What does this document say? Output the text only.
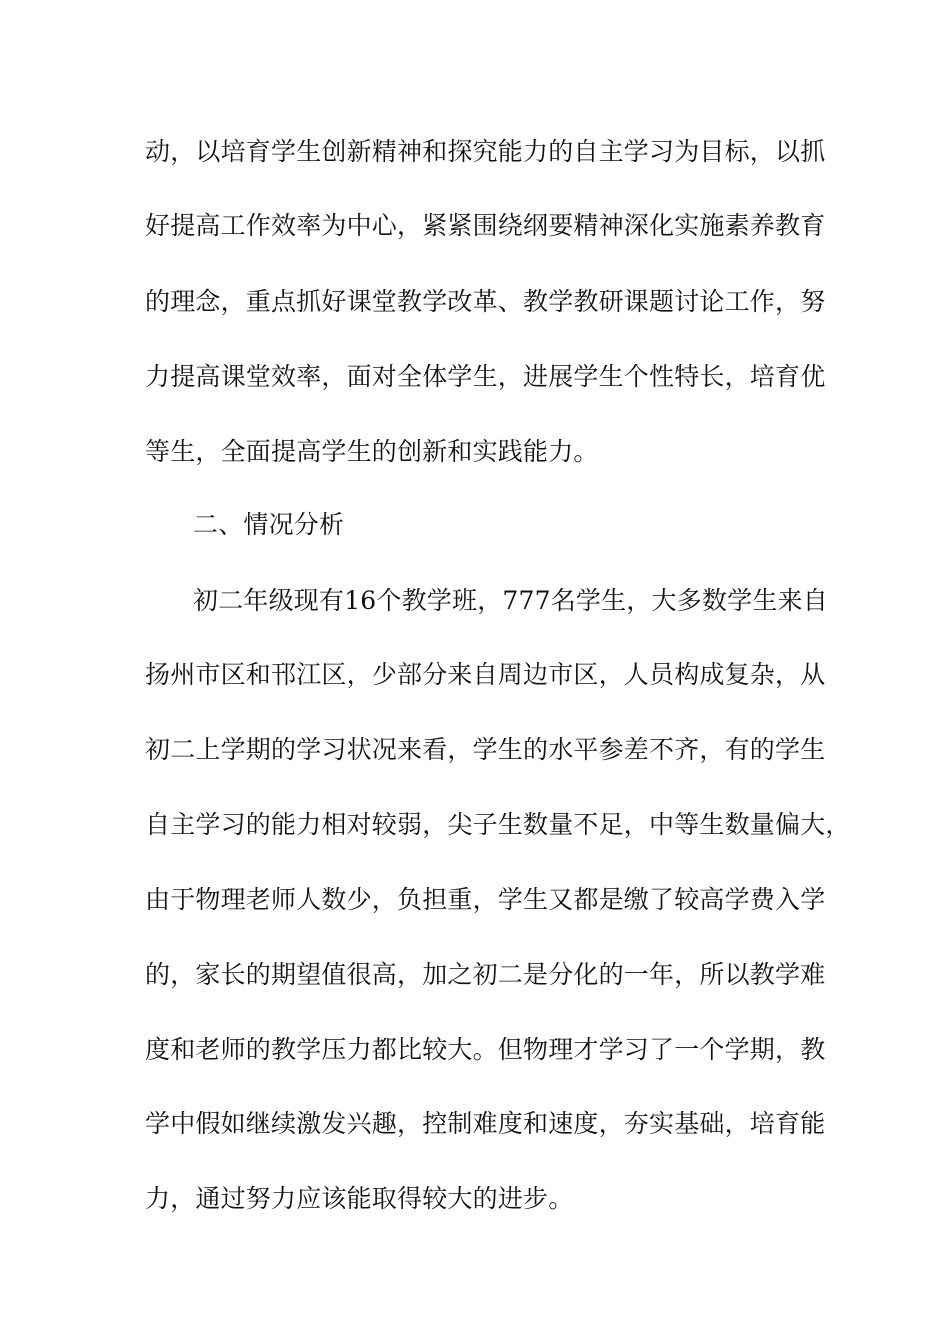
动，以培育学生创新精神和探究能力的自主学习为目标，以抓
好提高工作效率为中心，紧紧围绕纲要精神深化实施素养教育
的理念，重点抓好课堂教学改革、教学教研课题讨论工作，努
力提高课堂效率，面对全体学生，进展学生个性特长，培育优
等生，全面提高学生的创新和实践能力。
二、情况分析
初二年级现有16个教学班，777名学生，大多数学生来自
扬州市区和邗江区，少部分来自周边市区，人员构成复杂，从
初二上学期的学习状况来看，学生的水平参差不齐，有的学生
自主学习的能力相对较弱，尖子生数量不足，中等生数量偏大，
由于物理老师人数少，负担重，学生又都是缴了较高学费入学
的，家长的期望值很高，加之初二是分化的一年，所以教学难
度和老师的教学压力都比较大。但物理才学习了一个学期，教
学中假如继续激发兴趣，控制难度和速度，夯实基础，培育能
力，通过努力应该能取得较大的进步。
